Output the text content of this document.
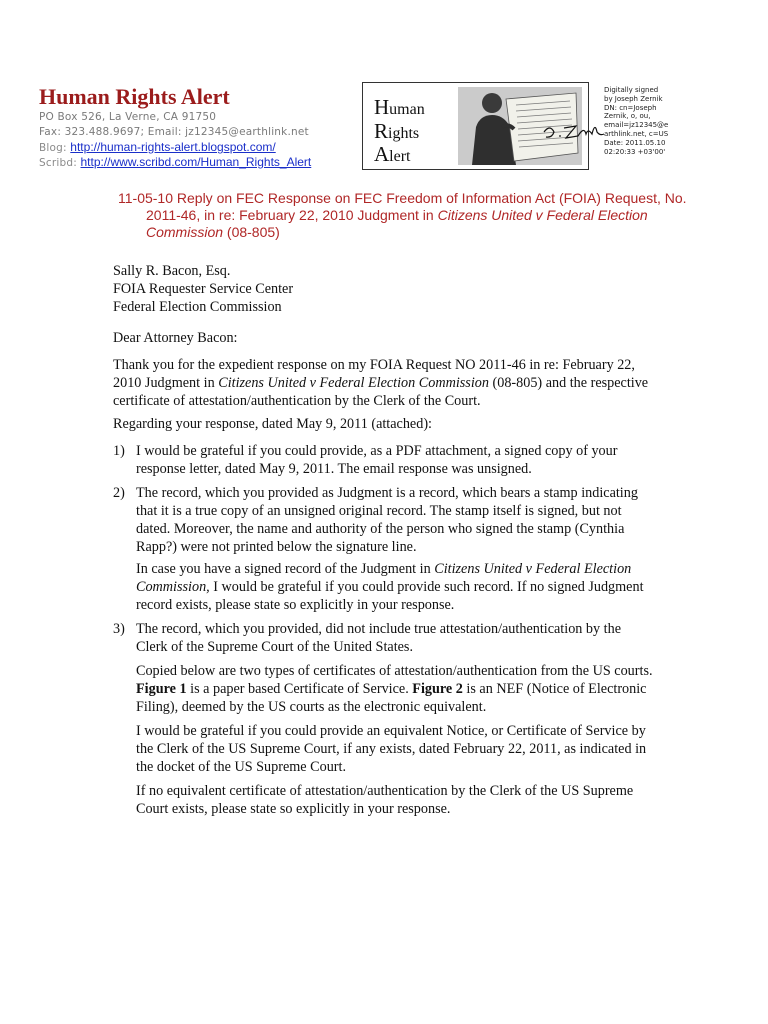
Human Rights Alert
PO Box 526, La Verne, CA 91750
Fax: 323.488.9697; Email: jz12345@earthlink.net
Blog: http://human-rights-alert.blogspot.com/
Scribd: http://www.scribd.com/Human_Rights_Alert
Human
Rights
Alert
Digitally signed
by Joseph Zernik
DN: cn=Joseph
Zernik, o, ou,
email=jz12345@e
arthlink.net, c=US
Date: 2011.05.10
02:20:33 +03'00'
11-05-10 Reply on FEC Response on FEC Freedom of Information Act (FOIA) Request, No.
2011-46, in re: February 22, 2010 Judgment in Citizens United v Federal Election
Commission (08-805)
Sally R. Bacon, Esq.
FOIA Requester Service Center
Federal Election Commission
Dear Attorney Bacon:
Thank you for the expedient response on my FOIA Request NO 2011-46 in re: February 22,
2010 Judgment in Citizens United v Federal Election Commission (08-805) and the respective
certificate of attestation/authentication by the Clerk of the Court.
Regarding your response, dated May 9, 2011 (attached):
1) I would be grateful if you could provide, as a PDF attachment, a signed copy of your
response letter, dated May 9, 2011. The email response was unsigned.
2) The record, which you provided as Judgment is a record, which bears a stamp indicating
that it is a true copy of an unsigned original record. The stamp itself is signed, but not
dated. Moreover, the name and authority of the person who signed the stamp (Cynthia
Rapp?) were not printed below the signature line.
In case you have a signed record of the Judgment in Citizens United v Federal Election
Commission, I would be grateful if you could provide such record. If no signed Judgment
record exists, please state so explicitly in your response.
3) The record, which you provided, did not include true attestation/authentication by the
Clerk of the Supreme Court of the United States.
Copied below are two types of certificates of attestation/authentication from the US courts.
Figure 1 is a paper based Certificate of Service. Figure 2 is an NEF (Notice of Electronic
Filing), deemed by the US courts as the electronic equivalent.
I would be grateful if you could provide an equivalent Notice, or Certificate of Service by
the Clerk of the US Supreme Court, if any exists, dated February 22, 2011, as indicated in
the docket of the US Supreme Court.
If no equivalent certificate of attestation/authentication by the Clerk of the US Supreme
Court exists, please state so explicitly in your response.
